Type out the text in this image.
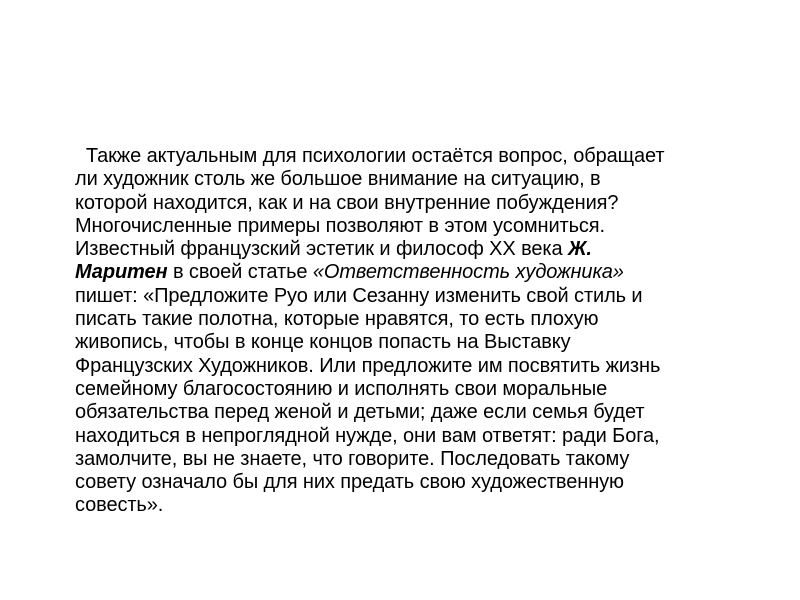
Также актуальным для психологии остаётся вопрос, обращает
ли художник столь же большое внимание на ситуацию, в
которой находится, как и на свои внутренние побуждения?
Многочисленные примеры позволяют в этом усомниться.
Известный французский эстетик и философ XX века Ж.
Маритен в своей статье «Ответственность художника»
пишет: «Предложите Руо или Сезанну изменить свой стиль и
писать такие полотна, которые нравятся, то есть плохую
живопись, чтобы в конце концов попасть на Выставку
Французских Художников. Или предложите им посвятить жизнь
семейному благосостоянию и исполнять свои моральные
обязательства перед женой и детьми; даже если семья будет
находиться в непроглядной нужде, они вам ответят: ради Бога,
замолчите, вы не знаете, что говорите. Последовать такому
совету означало бы для них предать свою художественную
совесть».
